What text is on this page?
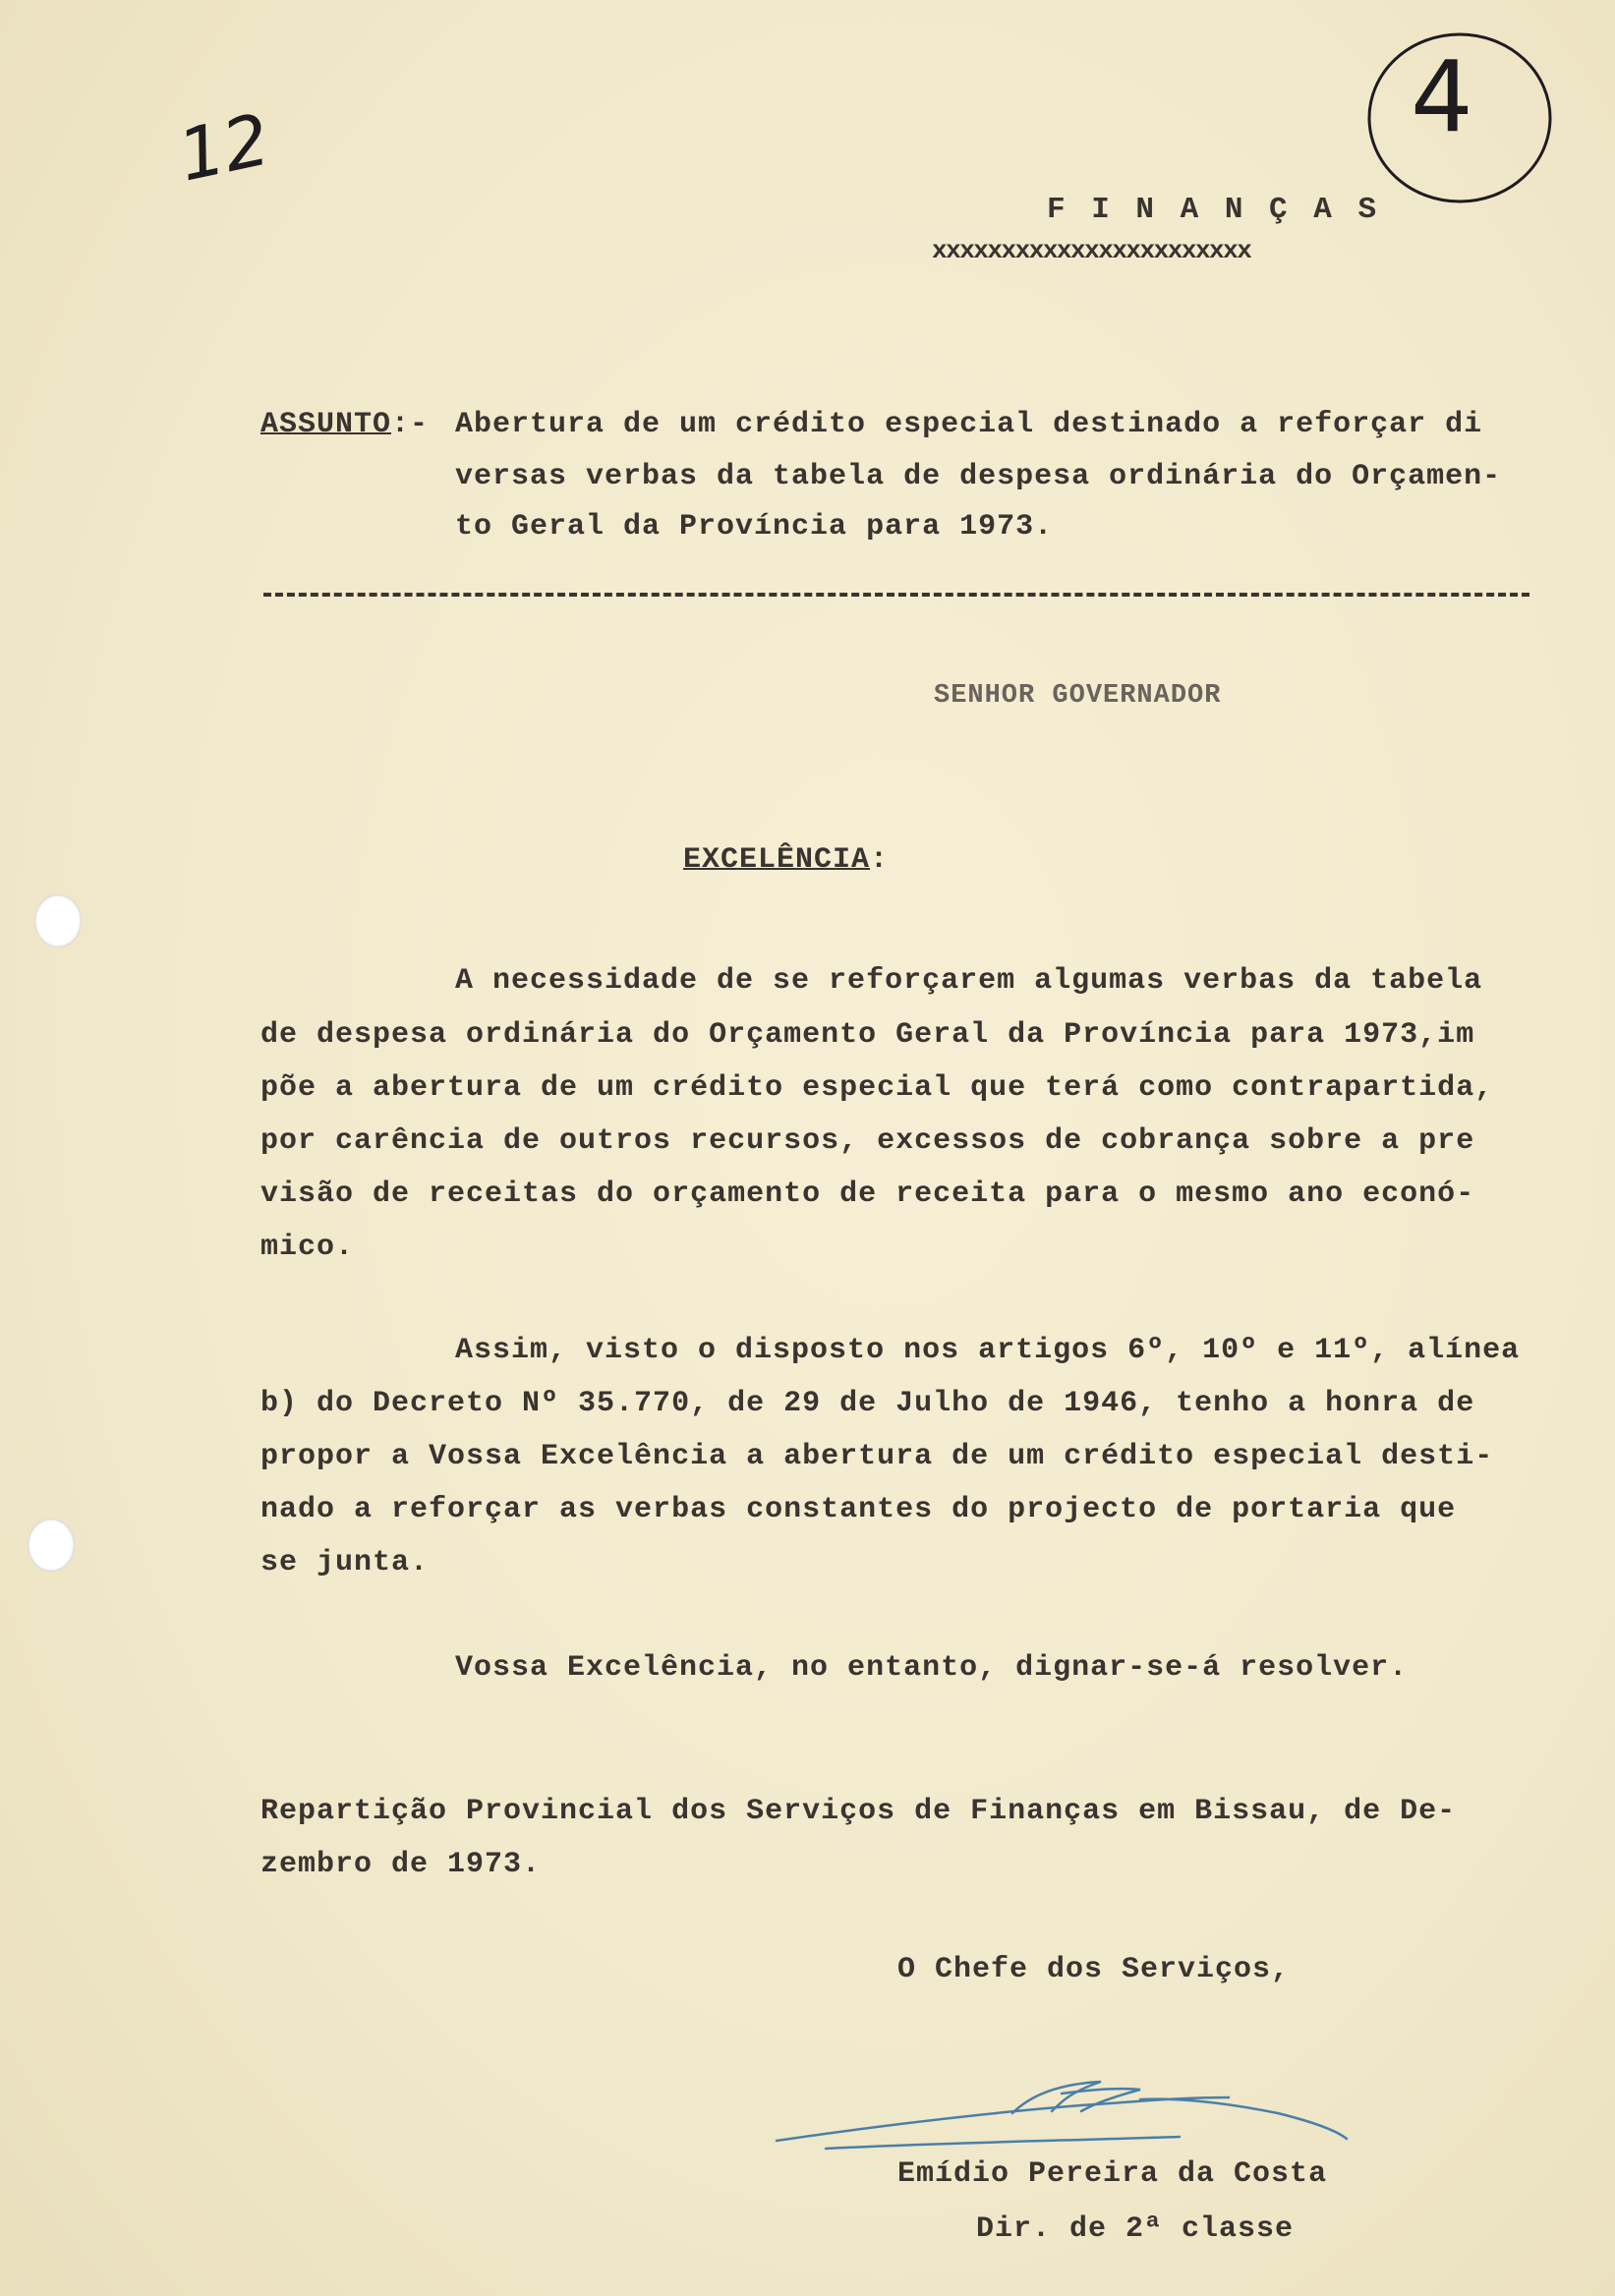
12	4
F I N A N Ç A S
xxxxxxxxxxxxxxxxxxxxxxx
ASSUNTO:- Abertura de um crédito especial destinado a reforçar di
versas verbas da tabela de despesa ordinária do Orçamen-
to Geral da Província para 1973.
SENHOR GOVERNADOR
EXCELÊNCIA:
A necessidade de se reforçarem algumas verbas da tabela
de despesa ordinária do Orçamento Geral da Província para 1973,im
põe a abertura de um crédito especial que terá como contrapartida,
por carência de outros recursos, excessos de cobrança sobre a pre
visão de receitas do orçamento de receita para o mesmo ano econó-
mico.
Assim, visto o disposto nos artigos 6º, 10º e 11º, alínea
b) do Decreto Nº 35.770, de 29 de Julho de 1946, tenho a honra de
propor a Vossa Excelência a abertura de um crédito especial desti-
nado a reforçar as verbas constantes do projecto de portaria que
se junta.
Vossa Excelência, no entanto, dignar-se-á resolver.
Repartição Provincial dos Serviços de Finanças em Bissau, de De-
zembro de 1973.
O Chefe dos Serviços,
Emídio Pereira da Costa
Dir. de 2ª classe
